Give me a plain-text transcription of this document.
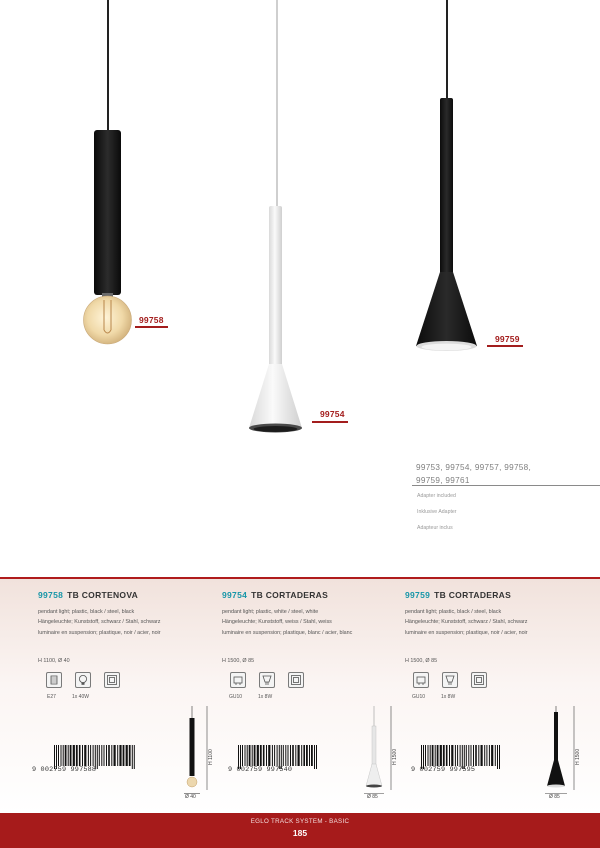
99758
99754
99759
99753, 99754, 99757, 99758,
99759, 99761
Adapter included
Inklusive Adapter
Adapteur inclus
99758 TB CORTENOVA
pendant light; plastic, black / steel, black
Hängeleuchte; Kunststoff, schwarz / Stahl, schwarz
luminaire en suspension; plastique, noir / acier, noir
H 1100, Ø 40
E27	1x 40W
9 002759 997588
H 1100
Ø 40
99754 TB CORTADERAS
pendant light; plastic, white / steel, white
Hängeleuchte; Kunststoff, weiss / Stahl, weiss
luminaire en suspension; plastique, blanc / acier, blanc
H 1500, Ø 85
GU10	1x 8W
9 002759 997540
H 1500
Ø 85
99759 TB CORTADERAS
pendant light; plastic, black / steel, black
Hängeleuchte; Kunststoff, schwarz / Stahl, schwarz
luminaire en suspension; plastique, noir / acier, noir
H 1500, Ø 85
GU10	1x 8W
9 002759 997595
H 1500
Ø 85
EGLO TRACK SYSTEM - BASIC
185
